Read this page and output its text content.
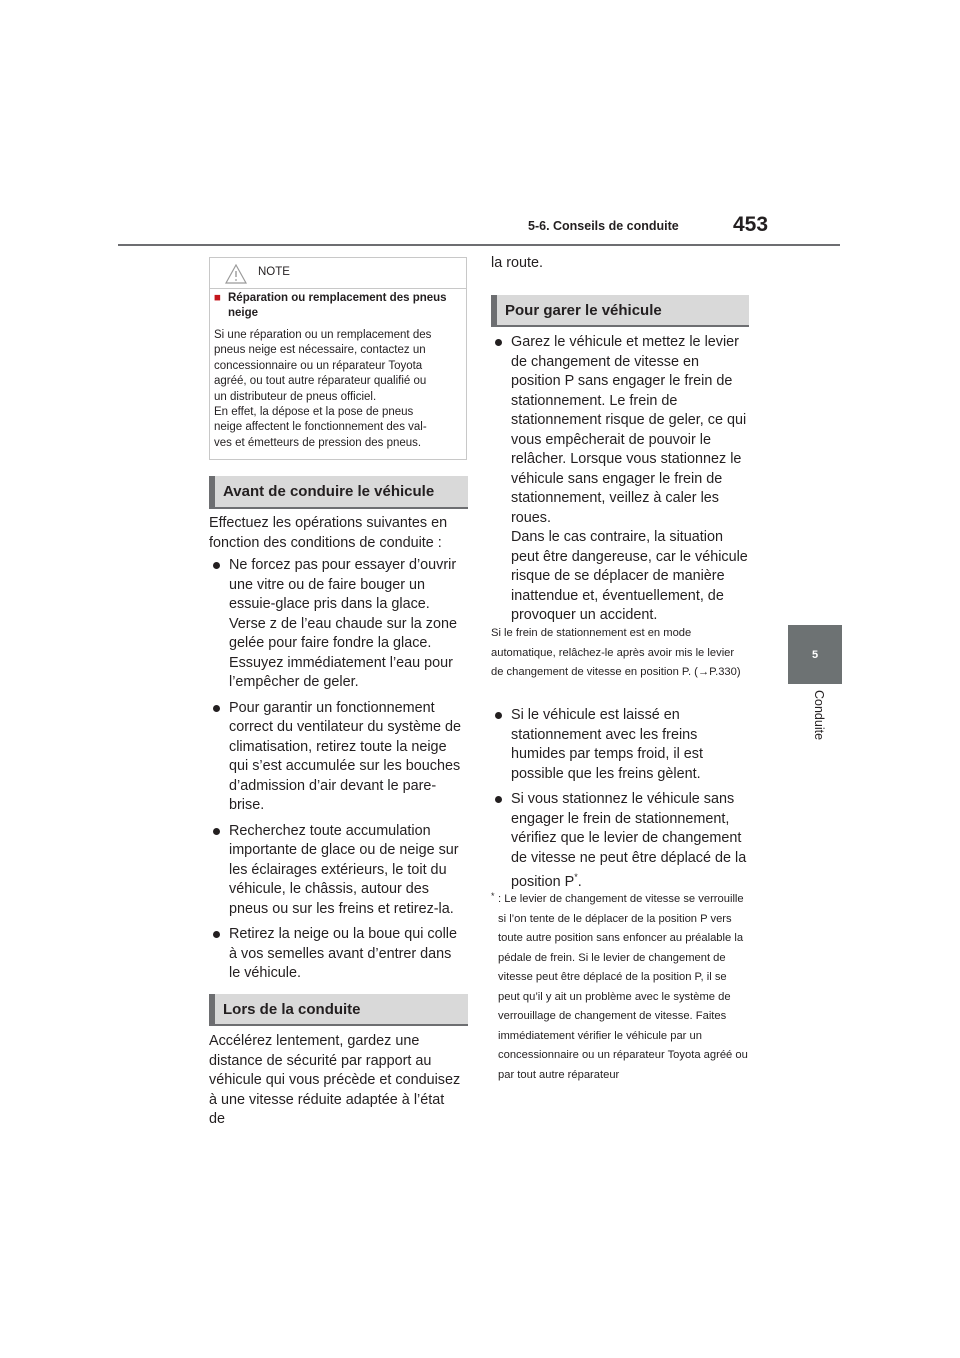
5-6. Conseils de conduite	453
5
Conduite
NOTE
■ Réparation ou remplacement des pneus neige
Si une réparation ou un remplacement des
pneus neige est nécessaire, contactez un
concessionnaire ou un réparateur Toyota
agréé, ou tout autre réparateur qualifié ou
un distributeur de pneus officiel.
En effet, la dépose et la pose de pneus
neige affectent le fonctionnement des val-
ves et émetteurs de pression des pneus.
Avant de conduire le véhicule
Effectuez les opérations suivantes en fonction des conditions de conduite :
Ne forcez pas pour essayer d’ouvrir une vitre ou de faire bouger un essuie-glace pris dans la glace. Verse z de l’eau chaude sur la zone gelée pour faire fondre la glace. Essuyez immédiatement l’eau pour l’empêcher de geler.
Pour garantir un fonctionnement correct du ventilateur du système de climatisation, retirez toute la neige qui s’est accumulée sur les bouches d’admission d’air devant le pare-brise.
Recherchez toute accumulation importante de glace ou de neige sur les éclairages extérieurs, le toit du véhicule, le châssis, autour des pneus ou sur les freins et retirez-la.
Retirez la neige ou la boue qui colle à vos semelles avant d’entrer dans le véhicule.
Lors de la conduite
Accélérez lentement, gardez une distance de sécurité par rapport au véhicule qui vous précède et conduisez à une vitesse réduite adaptée à l’état de
la route.
Pour garer le véhicule
Garez le véhicule et mettez le levier de changement de vitesse en position P sans engager le frein de stationnement. Le frein de stationnement risque de geler, ce qui vous empêcherait de pouvoir le relâcher. Lorsque vous stationnez le véhicule sans engager le frein de stationnement, veillez à caler les roues.
Dans le cas contraire, la situation peut être dangereuse, car le véhicule risque de se déplacer de manière inattendue et, éventuellement, de provoquer un accident.
Si le frein de stationnement est en mode automatique, relâchez-le après avoir mis le levier de changement de vitesse en position P. (→P.330)
Si le véhicule est laissé en stationnement avec les freins humides par temps froid, il est possible que les freins gèlent.
Si vous stationnez le véhicule sans engager le frein de stationnement, vérifiez que le levier de changement de vitesse ne peut être déplacé de la position P*.
* : Le levier de changement de vitesse se verrouille si l’on tente de le déplacer de la position P vers toute autre position sans enfoncer au préalable la pédale de frein. Si le levier de changement de vitesse peut être déplacé de la position P, il se peut qu’il y ait un problème avec le système de verrouillage de changement de vitesse. Faites immédiatement vérifier le véhicule par un concessionnaire ou un réparateur Toyota agréé ou par tout autre réparateur
